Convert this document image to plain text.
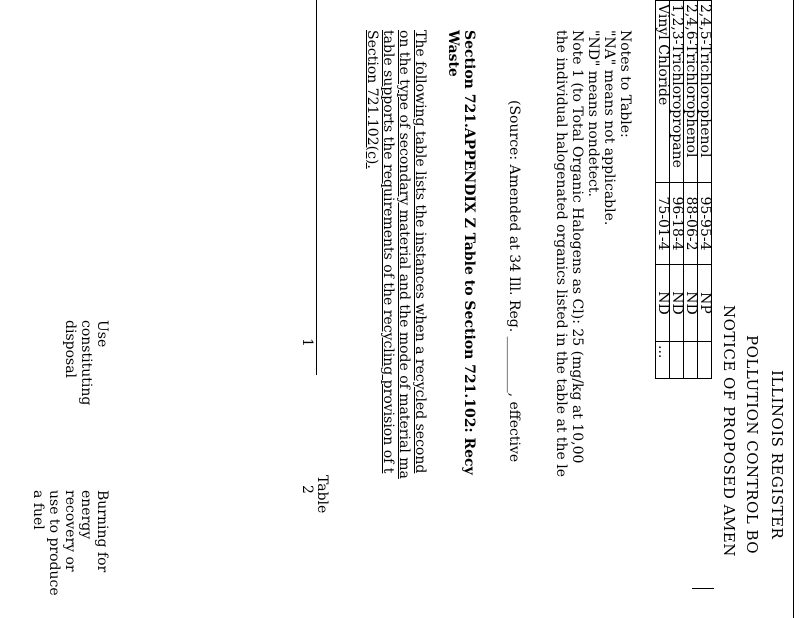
ILLINOIS REGISTER
POLLUTION CONTROL BO
NOTICE OF PROPOSED AMEN
2,4,5-Trichlorophenol	95-95-4	NP	
2,4,6-Trichlorophenol	88-06-2	ND	
1,2,3-Trichloropropane	96-18-4	ND	
Vinyl Chloride	75-01-4	ND	...
Notes to Table:
"NA" means not applicable.
"ND" means nondetect.
Note 1 (to Total Organic Halogens as Cl): 25 (mg/kg at 10,00
the individual halogenated organics listed in the table at the le
(Source: Amended at 34 Ill. Reg. ________, effective
Section 721.APPENDIX Z Table to Section 721.102: Recy
Waste
The following table lists the instances when a recycled second
on the type of secondary material and the mode of material ma
table supports the requirements of the recycling provision of t
Section 721.102(c).
1
Table
2
Use
constituting
disposal
Burning for
energy
recovery or
use to produce
a fuel
